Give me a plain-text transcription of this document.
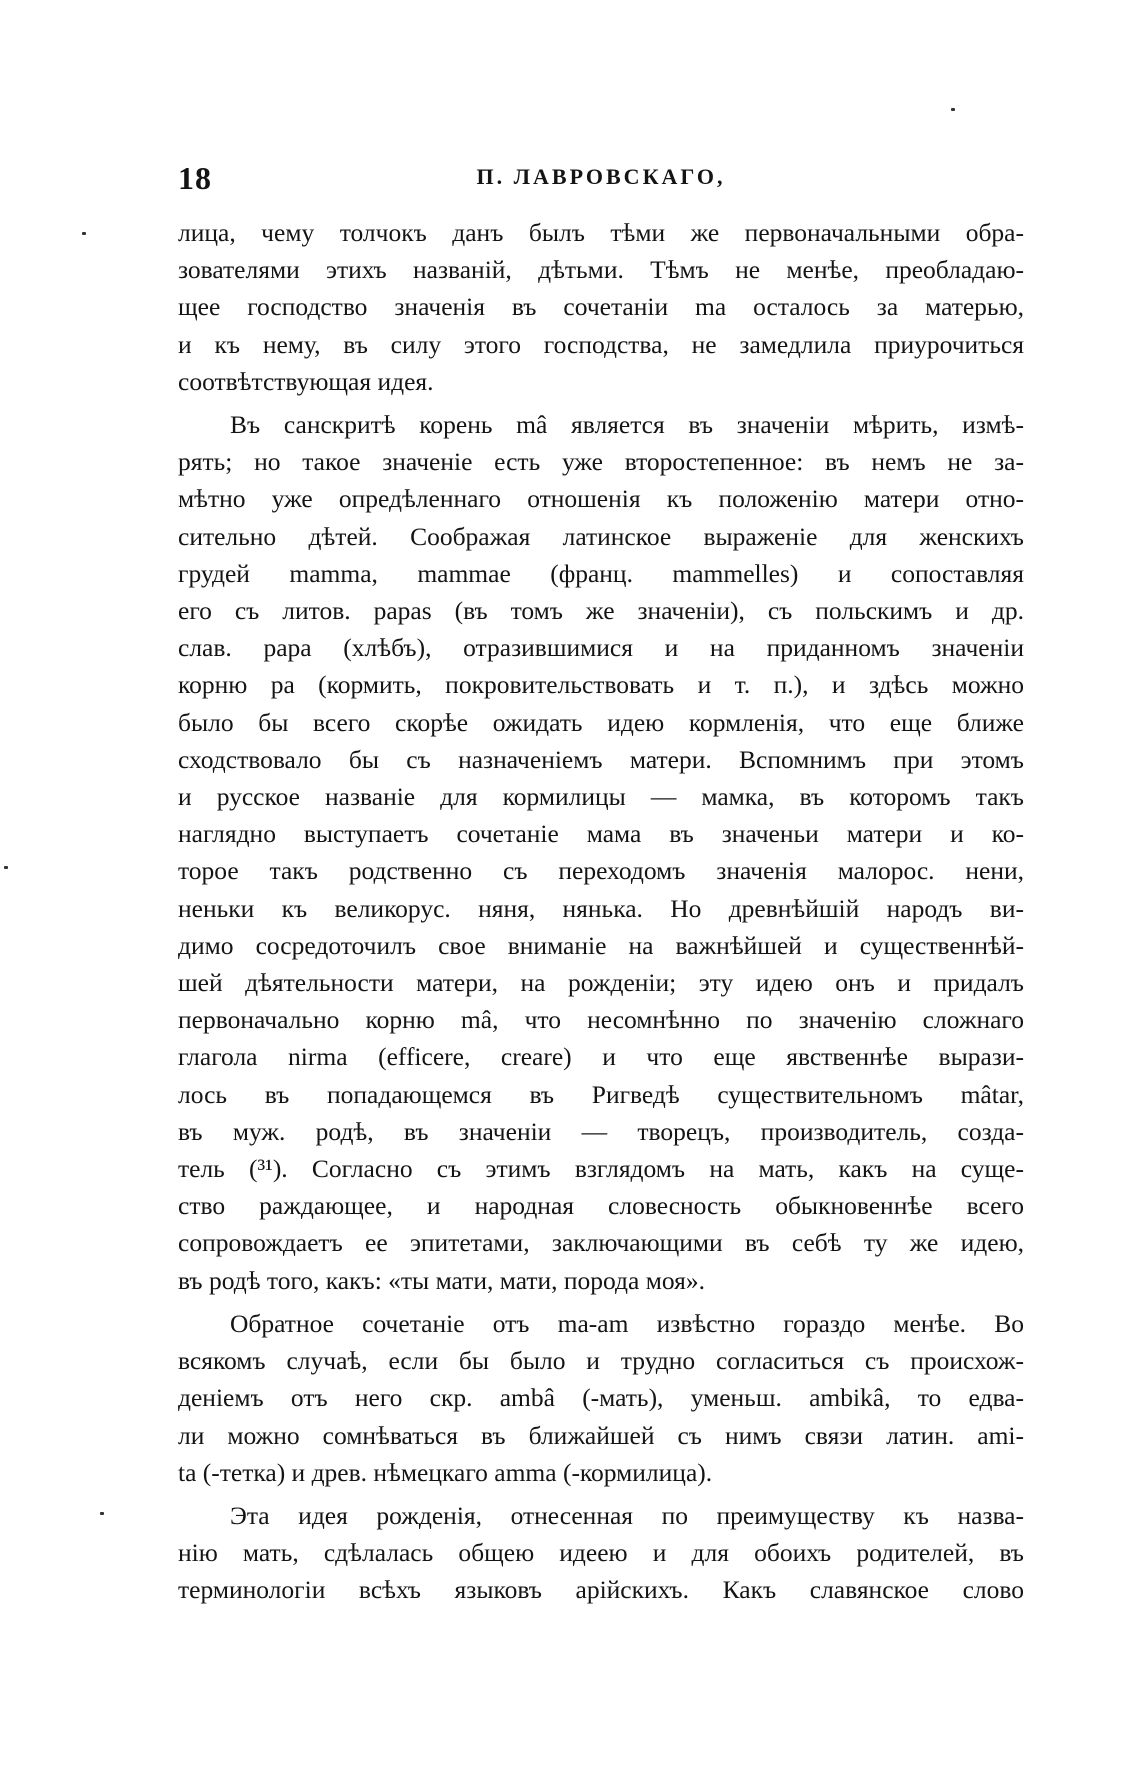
18	П. ЛАВРОВСКАГО,

лица, чему толчокъ данъ былъ тѣми же первоначальными обра-
зователями этихъ названій, дѣтьми. Тѣмъ не менѣе, преобладаю-
щее господство значенія въ сочетаніи ma осталось за матерью,
и къ нему, въ силу этого господства, не замедлила приурочиться
соотвѣтствующая идея.

Въ санскритѣ корень mâ является въ значеніи мѣрить, измѣ-
рять; но такое значеніе есть уже второстепенное: въ немъ не за-
мѣтно уже опредѣленнаго отношенія къ положенію матери отно-
сительно дѣтей. Соображая латинское выраженіе для женскихъ
грудей mamma, mammae (франц. mammelles) и сопоставляя
его съ литов. papas (въ томъ же значеніи), съ польскимъ и др.
слав. papa (хлѣбъ), отразившимися и на приданномъ значеніи
корню pa (кормить, покровительствовать и т. п.), и здѣсь можно
было бы всего скорѣе ожидать идею кормленія, что еще ближе
сходствовало бы съ назначеніемъ матери. Вспомнимъ при этомъ
и русское названіе для кормилицы — мамка, въ которомъ такъ
наглядно выступаетъ сочетаніе мама въ значеньи матери и ко-
торое такъ родственно съ переходомъ значенія малорос. нени,
неньки къ великорус. няня, нянька. Но древнѣйшій народъ ви-
димо сосредоточилъ свое вниманіе на важнѣйшей и существеннѣй-
шей дѣятельности матери, на рожденіи; эту идею онъ и придалъ
первоначально корню mâ, что несомнѣнно по значенію сложнаго
глагола nirma (efficere, creare) и что еще явственнѣе вырази-
лось въ попадающемся въ Ригведѣ существительномъ mâtar,
въ муж. родѣ, въ значеніи — творецъ, производитель, созда-
тель (³¹). Согласно съ этимъ взглядомъ на мать, какъ на суще-
ство раждающее, и народная словесность обыкновеннѣе всего
сопровождаетъ ее эпитетами, заключающими въ себѣ ту же идею,
въ родѣ того, какъ: «ты мати, мати, порода моя».

Обратное сочетаніе отъ ma-am извѣстно гораздо менѣе. Во
всякомъ случаѣ, если бы было и трудно согласиться съ происхож-
деніемъ отъ него скр. ambâ (-мать), уменьш. ambikâ, то едва-
ли можно сомнѣваться въ ближайшей съ нимъ связи латин. ami-
ta (-тетка) и древ. нѣмецкаго amma (-кормилица).

Эта идея рожденія, отнесенная по преимуществу къ назва-
нію мать, сдѣлалась общею идеею и для обоихъ родителей, въ
терминологіи всѣхъ языковъ арійскихъ. Какъ славянское слово
